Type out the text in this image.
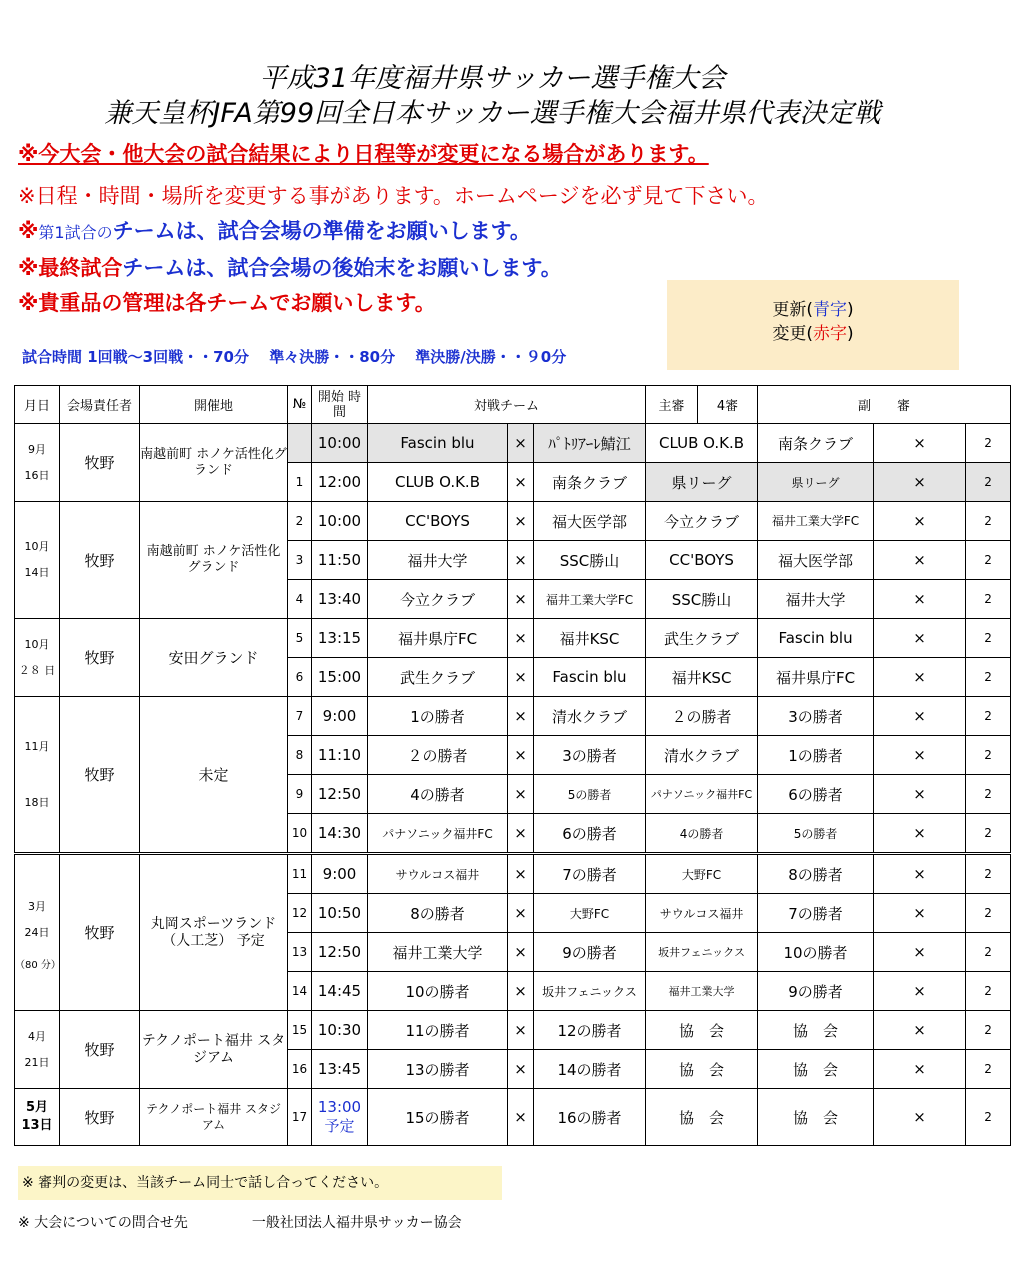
平成31年度福井県サッカー選手権大会
兼天皇杯JFA第99回全日本サッカー選手権大会福井県代表決定戦
※今大会・他大会の試合結果により日程等が変更になる場合があります。
※日程・時間・場所を変更する事があります。ホームページを必ず見て下さい。
※第1試合のチームは、試合会場の準備をお願いします。
※最終試合チームは、試合会場の後始末をお願いします。
※貴重品の管理は各チームでお願いします。	更新(青字)
変更(赤字)
試合時間 1回戦～3回戦・・70分　 準々決勝・・80分　 準決勝/決勝・・９0分
月日	会場責任者	開催地	№	開始 時間	対戦チーム			主審	4審	副　　審		

9月
16日	牧野	南越前町 ホノケ活性化グランド		10:00	Fascin blu	×	ﾊﾟﾄﾘｱｰﾚ鯖江	CLUB O.K.B		南条クラブ	×	2
			1	12:00	CLUB O.K.B	×	南条クラブ	県リーグ		県リーグ	×	2

10月
14日	牧野	南越前町 ホノケ活性化 グランド	2	10:00	CC'BOYS	×	福大医学部	今立クラブ		福井工業大学FC	×	2
			3	11:50	福井大学	×	SSC勝山	CC'BOYS		福大医学部	×	2
			4	13:40	今立クラブ	×	福井工業大学FC	SSC勝山		福井大学	×	2

10月
２８ 日	牧野	安田グランド	5	13:15	福井県庁FC	×	福井KSC	武生クラブ		Fascin blu	×	2
			6	15:00	武生クラブ	×	Fascin blu	福井KSC		福井県庁FC	×	2

11月
18日	牧野	未定	7	9:00	1の勝者	×	清水クラブ	２の勝者		3の勝者	×	2
			8	11:10	２の勝者	×	3の勝者	清水クラブ		1の勝者	×	2
			9	12:50	4の勝者	×	5の勝者	パナソニック福井FC		6の勝者	×	2
			10	14:30	パナソニック福井FC	×	6の勝者	4の勝者		5の勝者	×	2

3月
24日
（80 分）	牧野	丸岡スポーツランド （人工芝） 予定	11	9:00	サウルコス福井	×	7の勝者	大野FC		8の勝者	×	2
			12	10:50	8の勝者	×	大野FC	サウルコス福井		7の勝者	×	2
			13	12:50	福井工業大学	×	9の勝者	坂井フェニックス		10の勝者	×	2
			14	14:45	10の勝者	×	坂井フェニックス	福井工業大学		9の勝者	×	2

4月
21日	牧野	テクノポート福井 スタジアム	15	10:30	11の勝者	×	12の勝者	協　会		協　会	×	2
			16	13:45	13の勝者	×	14の勝者	協　会		協　会	×	2
5月 13日	牧野	テクノポート福井 スタジアム	17	13:00 予定	15の勝者	×	16の勝者	協　会		協　会	×	2
※ 審判の変更は、当該チーム同士で話し合ってください。
※ 大会についての問合せ先	一般社団法人福井県サッカー協会
